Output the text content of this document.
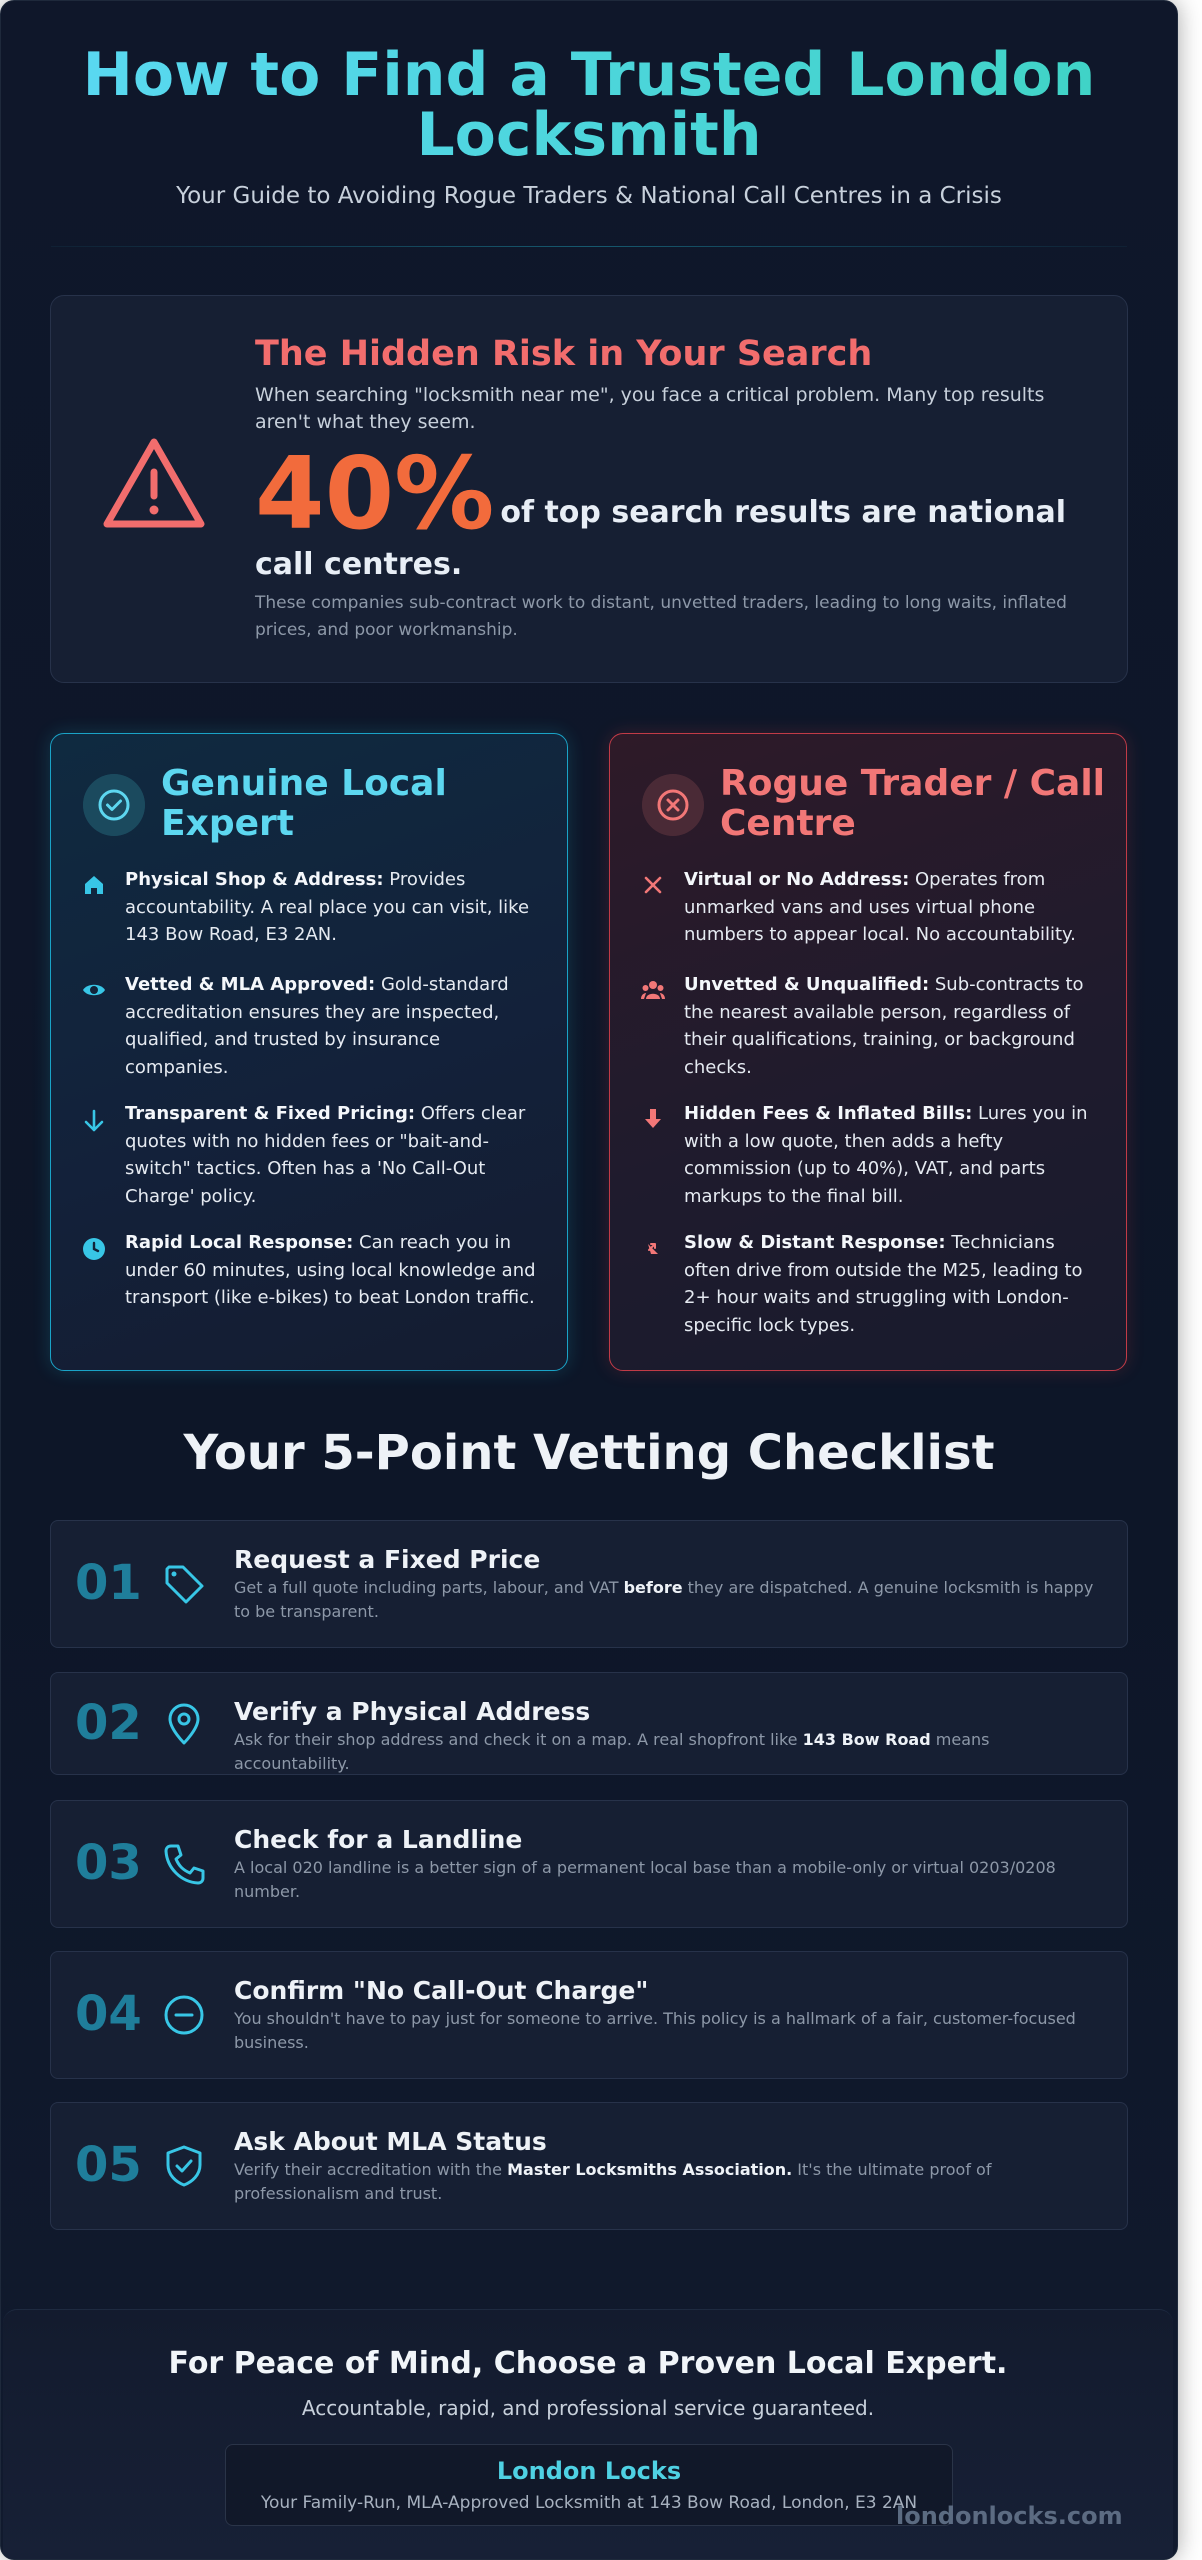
How to Find a Trusted London Locksmith
Your Guide to Avoiding Rogue Traders & National Call Centres in a Crisis
The Hidden Risk in Your Search
When searching "locksmith near me", you face a critical problem. Many top results aren't what they seem.
40% of top search results are national call centres.
These companies sub-contract work to distant, unvetted traders, leading to long waits, inflated prices, and poor workmanship.
Genuine Local Expert
Physical Shop & Address: Provides accountability. A real place you can visit, like 143 Bow Road, E3 2AN.
Vetted & MLA Approved: Gold-standard accreditation ensures they are inspected, qualified, and trusted by insurance companies.
Transparent & Fixed Pricing: Offers clear quotes with no hidden fees or "bait-and-switch" tactics. Often has a 'No Call-Out Charge' policy.
Rapid Local Response: Can reach you in under 60 minutes, using local knowledge and transport (like e-bikes) to beat London traffic.
Rogue Trader / Call Centre
Virtual or No Address: Operates from unmarked vans and uses virtual phone numbers to appear local. No accountability.
Unvetted & Unqualified: Sub-contracts to the nearest available person, regardless of their qualifications, training, or background checks.
Hidden Fees & Inflated Bills: Lures you in with a low quote, then adds a hefty commission (up to 40%), VAT, and parts markups to the final bill.
Slow & Distant Response: Technicians often drive from outside the M25, leading to 2+ hour waits and struggling with London-specific lock types.
Your 5-Point Vetting Checklist
01	Request a Fixed Price
Get a full quote including parts, labour, and VAT before they are dispatched. A genuine locksmith is happy to be transparent.
02	Verify a Physical Address
Ask for their shop address and check it on a map. A real shopfront like 143 Bow Road means accountability.
03	Check for a Landline
A local 020 landline is a better sign of a permanent local base than a mobile-only or virtual 0203/0208 number.
04	Confirm "No Call-Out Charge"
You shouldn't have to pay just for someone to arrive. This policy is a hallmark of a fair, customer-focused business.
05	Ask About MLA Status
Verify their accreditation with the Master Locksmiths Association. It's the ultimate proof of professionalism and trust.
For Peace of Mind, Choose a Proven Local Expert.
Accountable, rapid, and professional service guaranteed.
London Locks
Your Family-Run, MLA-Approved Locksmith at 143 Bow Road, London, E3 2AN
londonlocks.com
